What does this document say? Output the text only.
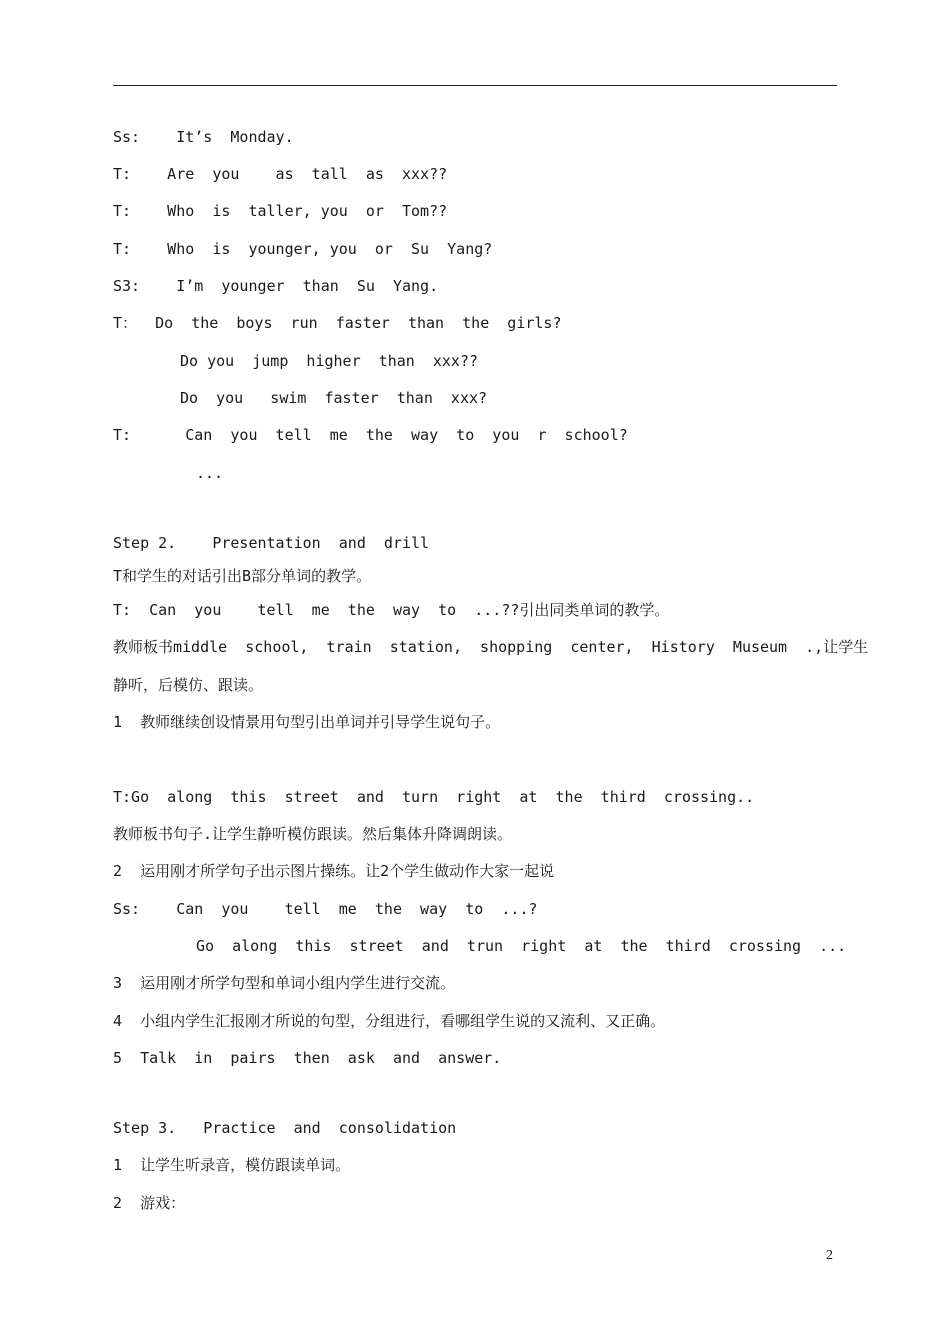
Ss:    It’s  Monday.
T:    Are  you    as  tall  as  xxx??
T:    Who  is  taller, you  or  Tom??
T:    Who  is  younger, you  or  Su  Yang?
S3:    I’m  younger  than  Su  Yang.
T：  Do  the  boys  run  faster  than  the  girls?
Do you  jump  higher  than  xxx??
Do  you   swim  faster  than  xxx?
T:      Can  you  tell  me  the  way  to  you  r  school?
...
Step 2.    Presentation  and  drill
T和学生的对话引出B部分单词的教学。
T:  Can  you    tell  me  the  way  to  ...??引出同类单词的教学。
教师板书middle  school,  train  station,  shopping  center,  History  Museum  .,让学生
静听，后模仿、跟读。
1  教师继续创设情景用句型引出单词并引导学生说句子。
T:Go  along  this  street  and  turn  right  at  the  third  crossing..
教师板书句子.让学生静听模仿跟读。然后集体升降调朗读。
2  运用刚才所学句子出示图片操练。让2个学生做动作大家一起说
Ss:    Can  you    tell  me  the  way  to  ...?
Go  along  this  street  and  trun  right  at  the  third  crossing  ...
3  运用刚才所学句型和单词小组内学生进行交流。
4  小组内学生汇报刚才所说的句型，分组进行，看哪组学生说的又流利、又正确。
5  Talk  in  pairs  then  ask  and  answer.
Step 3.   Practice  and  consolidation
1  让学生听录音，模仿跟读单词。
2  游戏：
2
